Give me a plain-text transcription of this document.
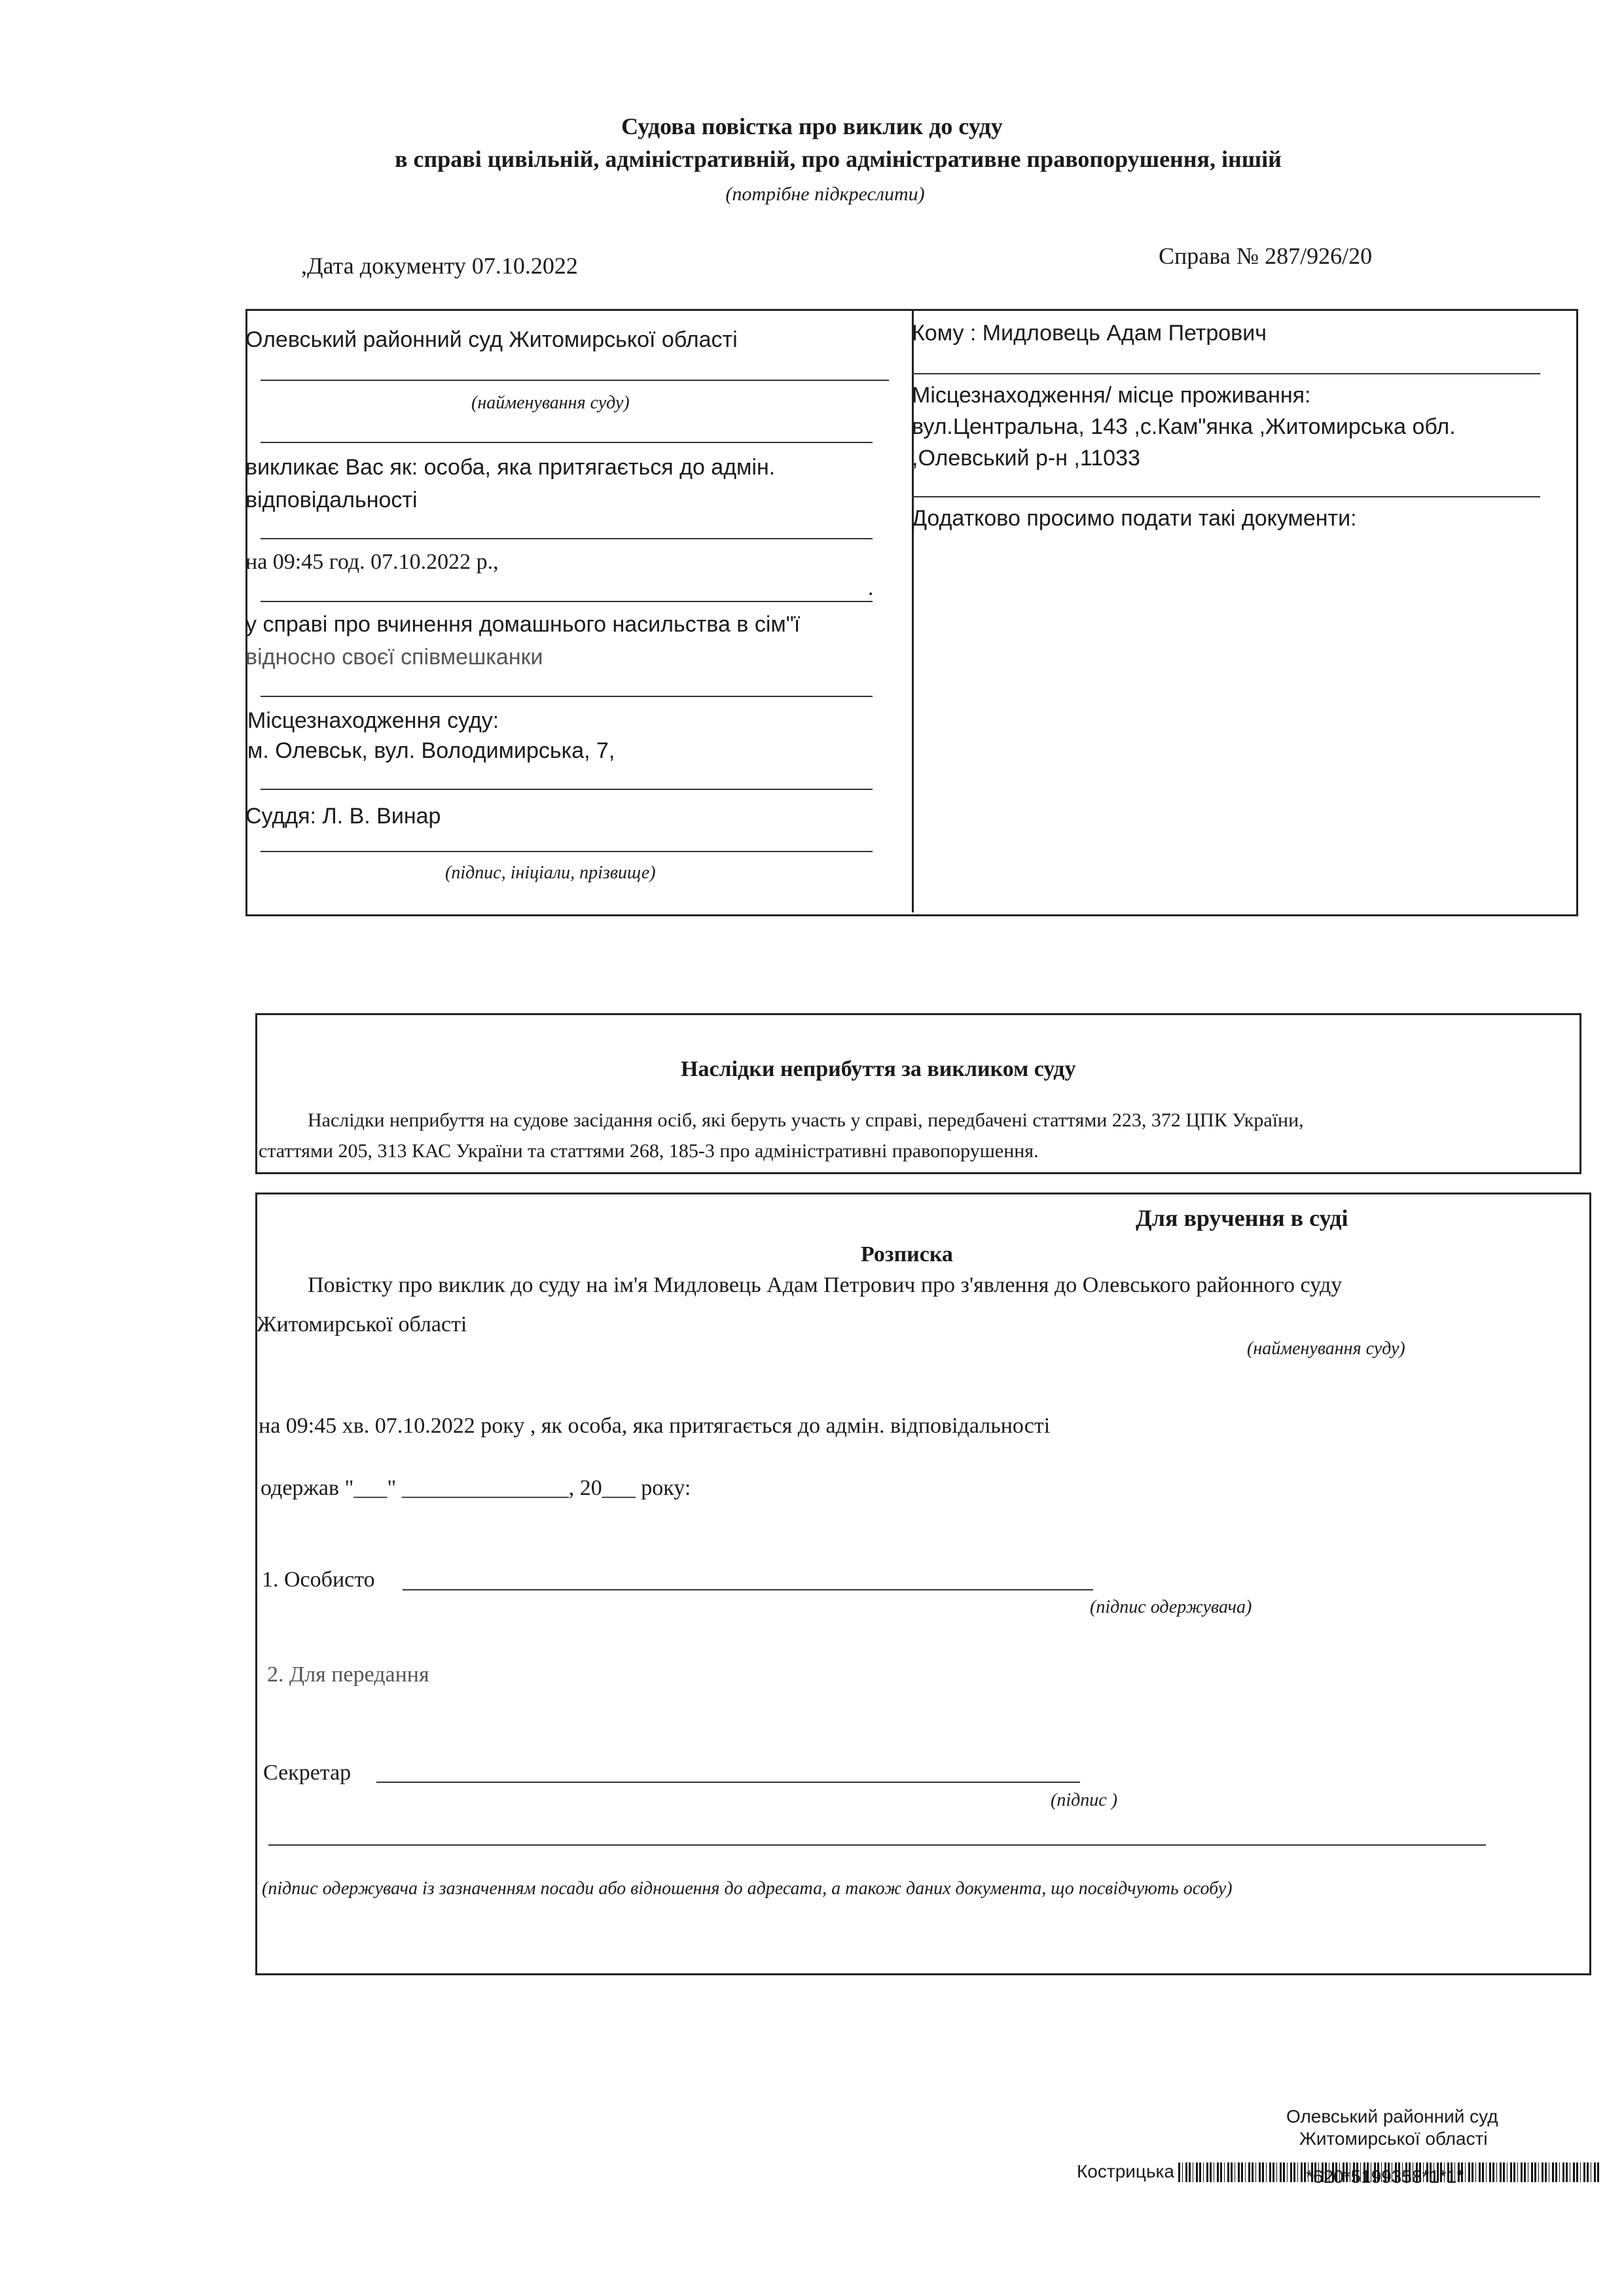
Судова повістка про виклик до суду
в справі цивільній, адміністративній, про адміністративне правопорушення, іншій
(потрібне підкреслити)
,Дата документу 07.10.2022	Справа № 287/926/20
Олевський районний суд Житомирської області
(найменування суду)
викликає Вас як: особа, яка притягається до адмін.
відповідальності
на 09:45 год. 07.10.2022 р.,
.
у справі про вчинення домашнього насильства в сім"ї
відносно своєї співмешканки
Місцезнаходження суду:
м. Олевськ, вул. Володимирська, 7,
Суддя: Л. В. Винар
(підпис, ініціали, прізвище)
Кому : Мидловець Адам Петрович
Місцезнаходження/ місце проживання:
вул.Центральна, 143 ,с.Кам"янка ,Житомирська обл.
,Олевський р-н ,11033
Додатково просимо подати такі документи:
Наслідки неприбуття за викликом суду
Наслідки неприбуття на судове засідання осіб, які беруть участь у справі, передбачені статтями 223, 372 ЦПК України,
статтями 205, 313 КАС України та статтями 268, 185-3 про адміністративні правопорушення.
Для вручення в суді
Розписка
Повістку про виклик до суду на ім'я Мидловець Адам Петрович про з'явлення до Олевського районного суду
Житомирської області
(найменування суду)
на 09:45 хв. 07.10.2022 року , як особа, яка притягається до адмін. відповідальності
одержав "___" _______________, 20___ року:
1. Особисто
(підпис одержувача)
2. Для передання
Секретар
(підпис )
(підпис одержувача із зазначенням посади або відношення до адресата, а також даних документа, що посвідчують особу)
Олевський районний суд
Житомирської області
Кострицька	*620*5199358*1*1*
